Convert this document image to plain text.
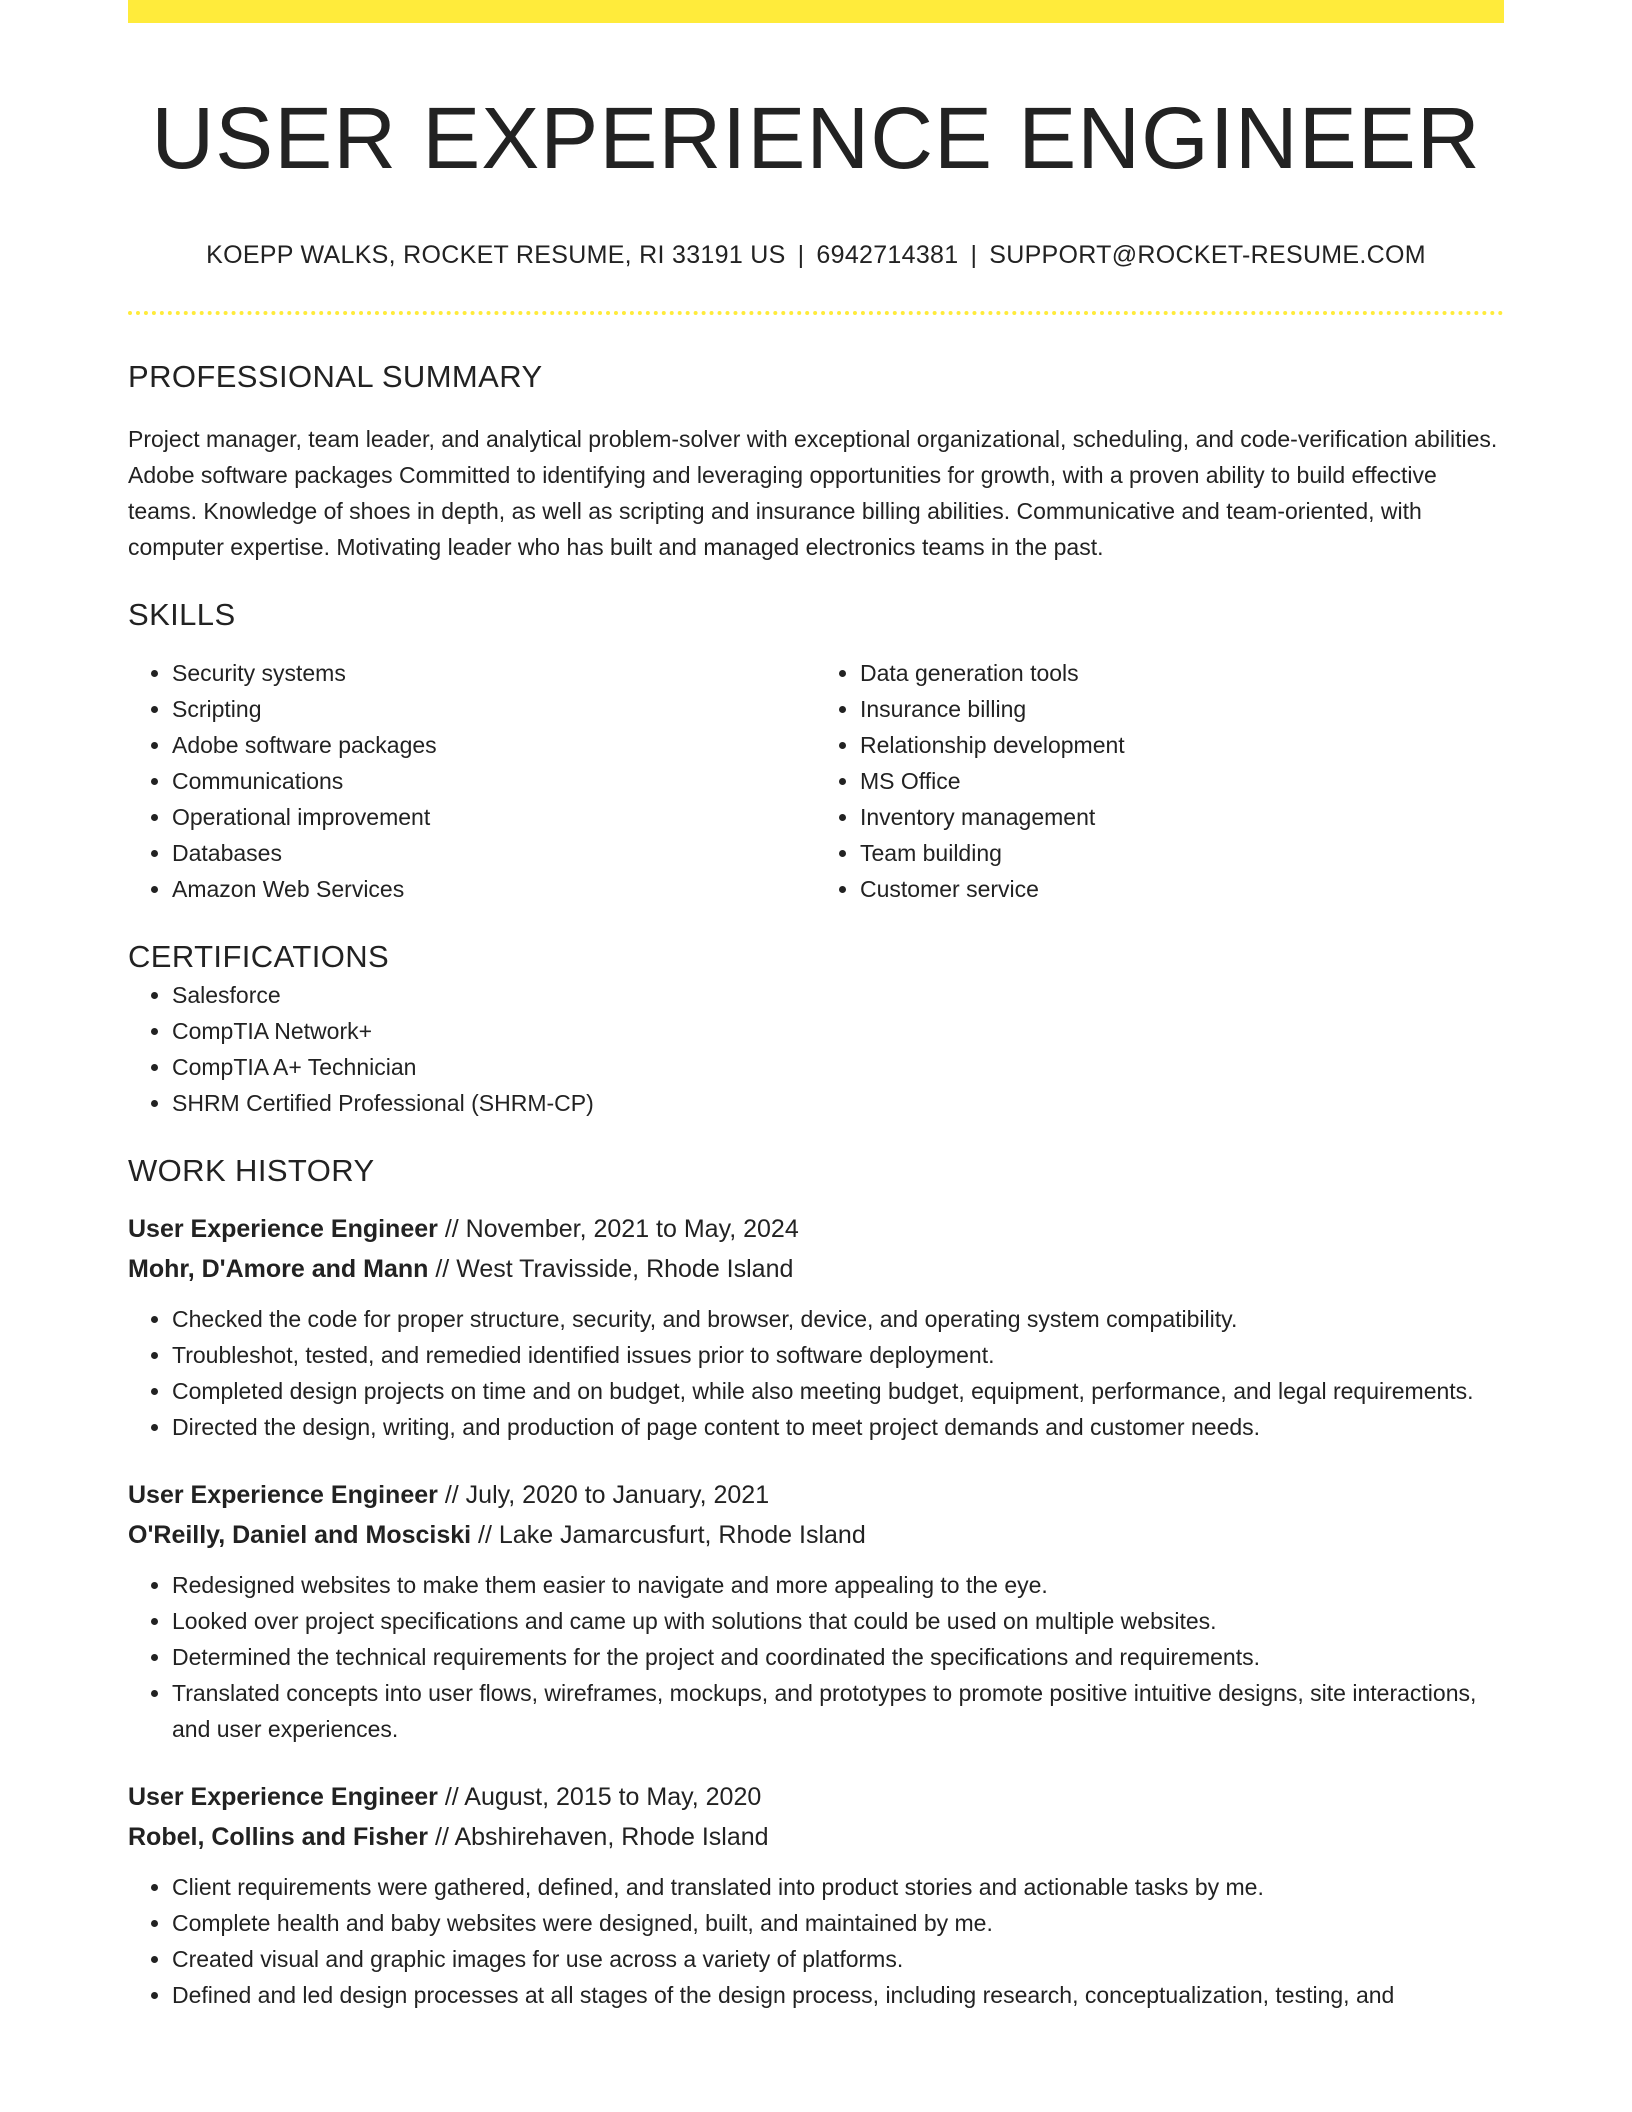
USER EXPERIENCE ENGINEER
KOEPP WALKS, ROCKET RESUME, RI 33191 US | 6942714381 | SUPPORT@ROCKET-RESUME.COM
PROFESSIONAL SUMMARY
Project manager, team leader, and analytical problem-solver with exceptional organizational, scheduling, and code-verification abilities. Adobe software packages Committed to identifying and leveraging opportunities for growth, with a proven ability to build effective teams. Knowledge of shoes in depth, as well as scripting and insurance billing abilities. Communicative and team-oriented, with computer expertise. Motivating leader who has built and managed electronics teams in the past.
SKILLS
• Security systems
• Scripting
• Adobe software packages
• Communications
• Operational improvement
• Databases
• Amazon Web Services
• Data generation tools
• Insurance billing
• Relationship development
• MS Office
• Inventory management
• Team building
• Customer service
CERTIFICATIONS
• Salesforce
• CompTIA Network+
• CompTIA A+ Technician
• SHRM Certified Professional (SHRM-CP)
WORK HISTORY
User Experience Engineer // November, 2021 to May, 2024
Mohr, D'Amore and Mann // West Travisside, Rhode Island
• Checked the code for proper structure, security, and browser, device, and operating system compatibility.
• Troubleshot, tested, and remedied identified issues prior to software deployment.
• Completed design projects on time and on budget, while also meeting budget, equipment, performance, and legal requirements.
• Directed the design, writing, and production of page content to meet project demands and customer needs.
User Experience Engineer // July, 2020 to January, 2021
O'Reilly, Daniel and Mosciski // Lake Jamarcusfurt, Rhode Island
• Redesigned websites to make them easier to navigate and more appealing to the eye.
• Looked over project specifications and came up with solutions that could be used on multiple websites.
• Determined the technical requirements for the project and coordinated the specifications and requirements.
• Translated concepts into user flows, wireframes, mockups, and prototypes to promote positive intuitive designs, site interactions, and user experiences.
User Experience Engineer // August, 2015 to May, 2020
Robel, Collins and Fisher // Abshirehaven, Rhode Island
• Client requirements were gathered, defined, and translated into product stories and actionable tasks by me.
• Complete health and baby websites were designed, built, and maintained by me.
• Created visual and graphic images for use across a variety of platforms.
• Defined and led design processes at all stages of the design process, including research, conceptualization, testing, and
